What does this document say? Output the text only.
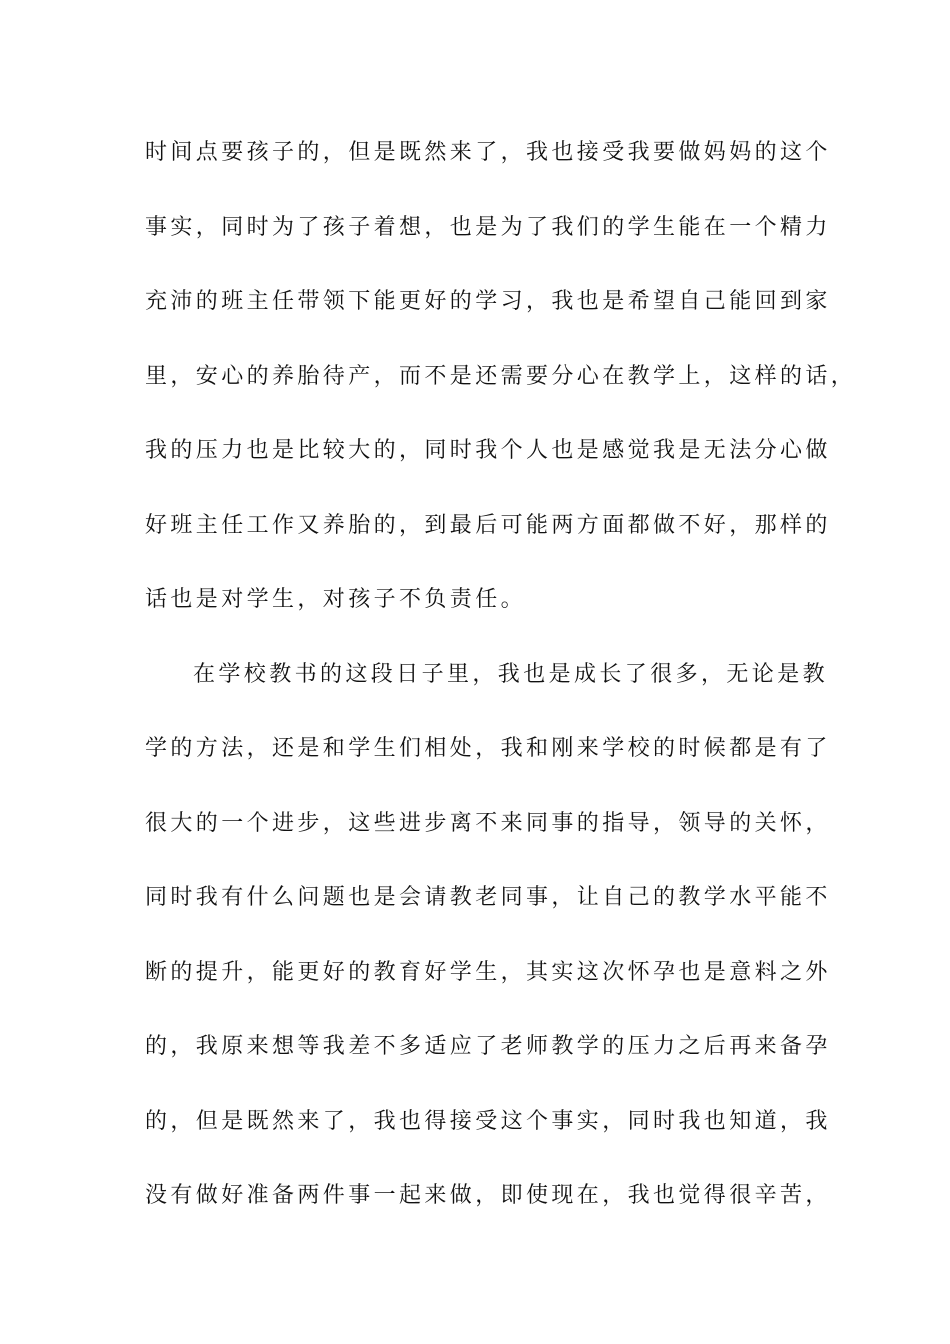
时间点要孩子的，但是既然来了，我也接受我要做妈妈的这个
事实，同时为了孩子着想，也是为了我们的学生能在一个精力
充沛的班主任带领下能更好的学习，我也是希望自己能回到家
里，安心的养胎待产，而不是还需要分心在教学上，这样的话，
我的压力也是比较大的，同时我个人也是感觉我是无法分心做
好班主任工作又养胎的，到最后可能两方面都做不好，那样的
话也是对学生，对孩子不负责任。
在学校教书的这段日子里，我也是成长了很多，无论是教
学的方法，还是和学生们相处，我和刚来学校的时候都是有了
很大的一个进步，这些进步离不来同事的指导，领导的关怀，
同时我有什么问题也是会请教老同事，让自己的教学水平能不
断的提升，能更好的教育好学生，其实这次怀孕也是意料之外
的，我原来想等我差不多适应了老师教学的压力之后再来备孕
的，但是既然来了，我也得接受这个事实，同时我也知道，我
没有做好准备两件事一起来做，即使现在，我也觉得很辛苦，
